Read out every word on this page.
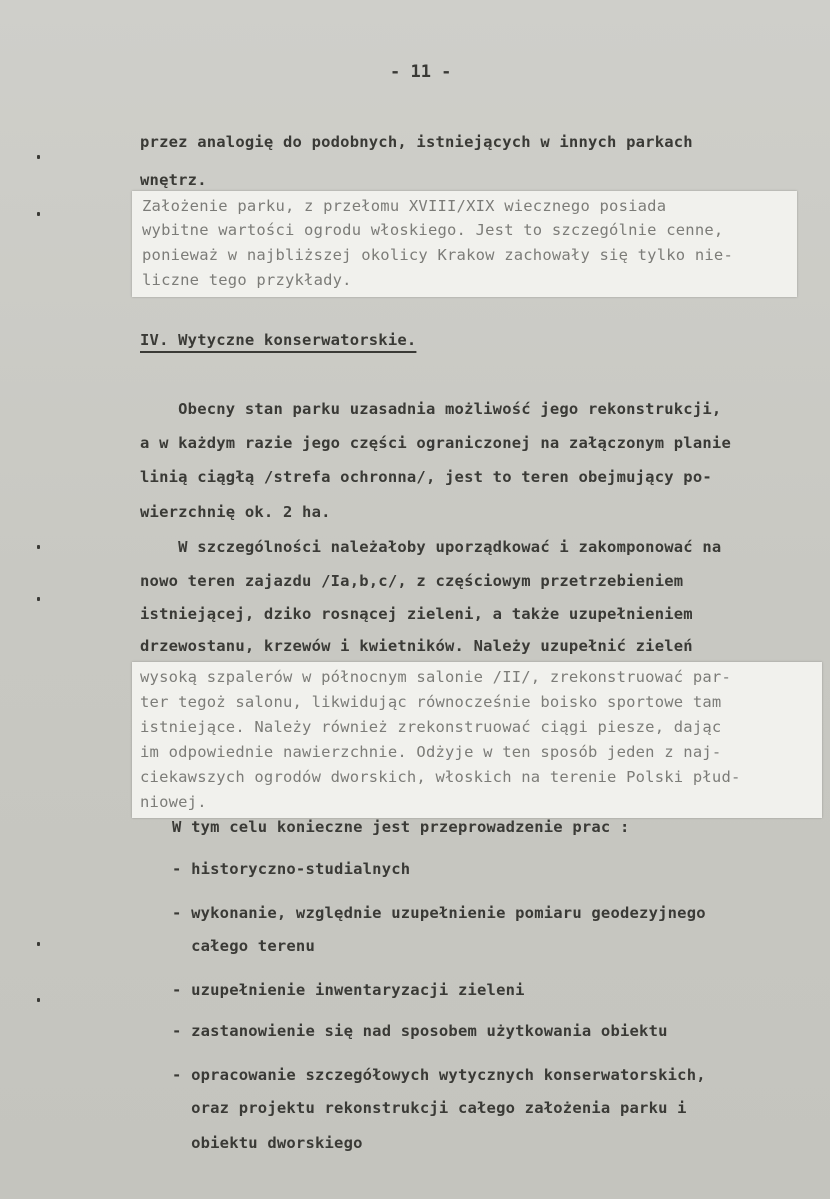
- 11 -
przez analogię do podobnych, istniejących w innych parkach
wnętrz.
Założenie parku, z przełomu XVIII/XIX wiecznego posiada
wybitne wartości ogrodu włoskiego. Jest to szczególnie cenne,
ponieważ w najbliższej okolicy Krakow zachowały się tylko nie-
liczne tego przykłady.
IV. Wytyczne konserwatorskie.
Obecny stan parku uzasadnia możliwość jego rekonstrukcji,
a w każdym razie jego części ograniczonej na załączonym planie
linią ciągłą /strefa ochronna/, jest to teren obejmujący po-
wierzchnię ok. 2 ha.
W szczególności należałoby uporządkować i zakomponować na
nowo teren zajazdu /Ia,b,c/, z częściowym przetrzebieniem
istniejącej, dziko rosnącej zieleni, a także uzupełnieniem
drzewostanu, krzewów i kwietników. Należy uzupełnić zieleń
wysoką szpalerów w północnym salonie /II/, zrekonstruować par-
ter tegoż salonu, likwidując równocześnie boisko sportowe tam
istniejące. Należy również zrekonstruować ciągi piesze, dając
im odpowiednie nawierzchnie. Odżyje w ten sposób jeden z naj-
ciekawszych ogrodów dworskich, włoskich na terenie Polski płud-
niowej.
W tym celu konieczne jest przeprowadzenie prac :
- historyczno-studialnych
- wykonanie, względnie uzupełnienie pomiaru geodezyjnego
całego terenu
- uzupełnienie inwentaryzacji zieleni
- zastanowienie się nad sposobem użytkowania obiektu
- opracowanie szczegółowych wytycznych konserwatorskich,
oraz projektu rekonstrukcji całego założenia parku i
obiektu dworskiego
